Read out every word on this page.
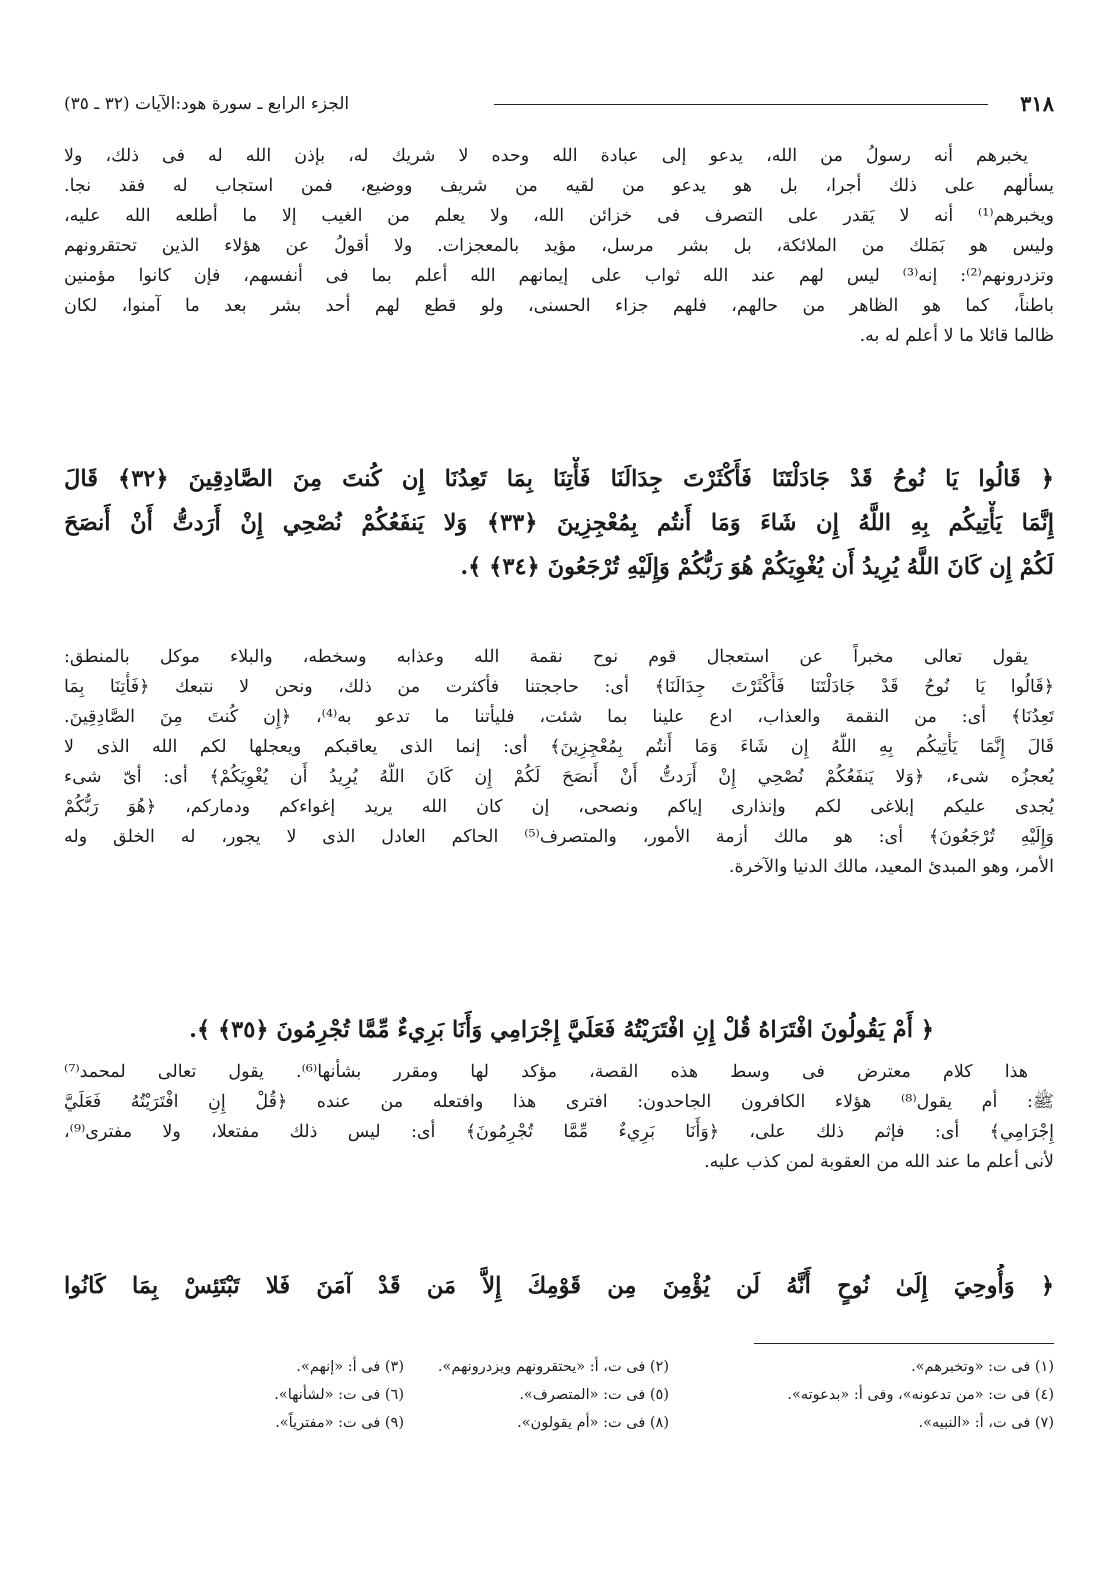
٣١٨
الجزء الرابع ـ سورة هود:الآيات (٣٢ ـ ٣٥)
يخبرهم أنه رسولُ من الله، يدعو إلى عبادة الله وحده لا شريك له، بإذن الله له فى ذلك، ولا
يسألهم على ذلك أجرا، بل هو يدعو من لقيه من شريف ووضيع، فمن استجاب له فقد نجا.
ويخبرهم⁽¹⁾ أنه لا يَقدر على التصرف فى خزائن الله، ولا يعلم من الغيب إلا ما أطلعه الله عليه،
وليس هو بَمَلك من الملائكة، بل بشر مرسل، مؤيد بالمعجزات. ولا أقولُ عن هؤلاء الذين تحتقرونهم
وتزدرونهم⁽²⁾: إنه⁽³⁾ ليس لهم عند الله ثواب على إيمانهم الله أعلم بما فى أنفسهم، فإن كانوا مؤمنين
باطناً، كما هو الظاهر من حالهم، فلهم جزاء الحسنى، ولو قطع لهم أحد بشر بعد ما آمنوا، لكان
ظالما قائلا ما لا أعلم له به.
﴿ قَالُوا يَا نُوحُ قَدْ جَادَلْتَنَا فَأَكْثَرْتَ جِدَالَنَا فَأْتِنَا بِمَا تَعِدُنَا إِن كُنتَ مِنَ الصَّادِقِينَ ﴿٣٢﴾ قَالَ
إِنَّمَا يَأْتِيكُم بِهِ اللَّهُ إِن شَاءَ وَمَا أَنتُم بِمُعْجِزِينَ ﴿٣٣﴾ وَلا يَنفَعُكُمْ نُصْحِي إِنْ أَرَدتُّ أَنْ أَنصَحَ
لَكُمْ إِن كَانَ اللَّهُ يُرِيدُ أَن يُغْوِيَكُمْ هُوَ رَبُّكُمْ وَإِلَيْهِ تُرْجَعُونَ ﴿٣٤﴾ ﴾.
يقول تعالى مخبراً عن استعجال قوم نوح نقمة الله وعذابه وسخطه، والبلاء موكل بالمنطق:
﴿قَالُوا يَا نُوحُ قَدْ جَادَلْتَنَا فَأَكْثَرْتَ جِدَالَنَا﴾ أى: حاججتنا فأكثرت من ذلك، ونحن لا نتبعك ﴿فَأْتِنَا بِمَا
تَعِدُنَا﴾ أى: من النقمة والعذاب، ادع علينا بما شئت، فليأتنا ما تدعو به⁽⁴⁾، ﴿إِن كُنتَ مِنَ الصَّادِقِينَ.
قَالَ إِنَّمَا يَأْتِيكُم بِهِ اللَّهُ إِن شَاءَ وَمَا أَنتُم بِمُعْجِزِينَ﴾ أى: إنما الذى يعاقبكم ويعجلها لكم الله الذى لا
يُعجزُه شىء، ﴿وَلا يَنفَعُكُمْ نُصْحِي إِنْ أَرَدتُّ أَنْ أَنصَحَ لَكُمْ إِن كَانَ اللَّهُ يُرِيدُ أَن يُغْوِيَكُمْ﴾ أى: أىّ شىء
يُجدى عليكم إبلاغى لكم وإنذارى إياكم ونصحى، إن كان الله يريد إغواءكم ودماركم، ﴿هُوَ رَبُّكُمْ
وَإِلَيْهِ تُرْجَعُونَ﴾ أى: هو مالك أزمة الأمور، والمتصرف⁽⁵⁾ الحاكم العادل الذى لا يجور، له الخلق وله
الأمر، وهو المبدئ المعيد، مالك الدنيا والآخرة.
﴿ أَمْ يَقُولُونَ افْتَرَاهُ قُلْ إِنِ افْتَرَيْتُهُ فَعَلَيَّ إِجْرَامِي وَأَنَا بَرِيءٌ مِّمَّا تُجْرِمُونَ ﴿٣٥﴾ ﴾.
هذا كلام معترض فى وسط هذه القصة، مؤكد لها ومقرر بشأنها⁽⁶⁾. يقول تعالى لمحمد⁽⁷⁾
ﷺ: أم يقول⁽⁸⁾ هؤلاء الكافرون الجاحدون: افترى هذا وافتعله من عنده ﴿قُلْ إِنِ افْتَرَيْتُهُ فَعَلَيَّ
إِجْرَامِي﴾ أى: فإثم ذلك على، ﴿وَأَنَا بَرِيءٌ مِّمَّا تُجْرِمُونَ﴾ أى: ليس ذلك مفتعلا، ولا مفترى⁽⁹⁾،
لأنى أعلم ما عند الله من العقوبة لمن كذب عليه.
﴿ وَأُوحِيَ إِلَىٰ نُوحٍ أَنَّهُ لَن يُؤْمِنَ مِن قَوْمِكَ إِلاَّ مَن قَدْ آمَنَ فَلا تَبْتَئِسْ بِمَا كَانُوا
(١) فى ت: «وتخبرهم».
(٢) فى ت، أ: «يحتقرونهم ويزدرونهم».
(٣) فى أ: «إنهم».
(٤) فى ت: «من تدعونه»، وفى أ: «بدعوته».
(٥) فى ت: «المتصرف».
(٦) فى ت: «لشأنها».
(٧) فى ت، أ: «النبيه».
(٨) فى ت: «أم يقولون».
(٩) فى ت: «مفترياً».
